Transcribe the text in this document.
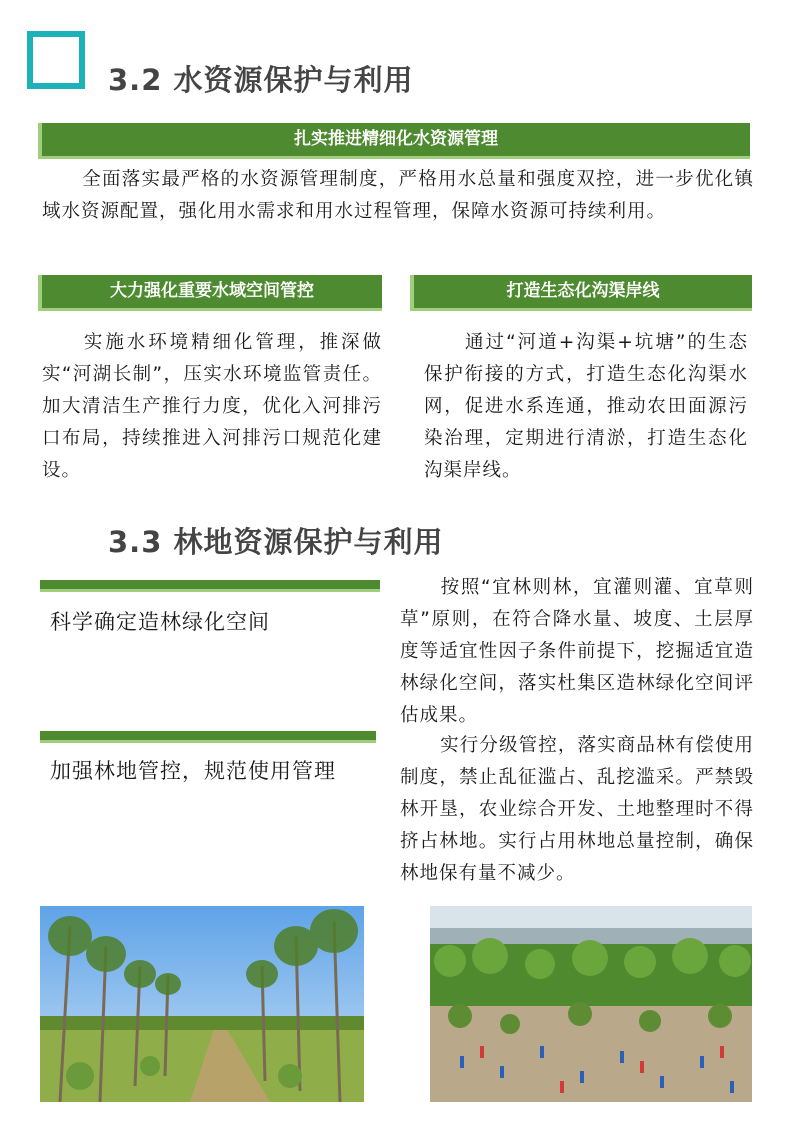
3.2 水资源保护与利用
扎实推进精细化水资源管理
全面落实最严格的水资源管理制度，严格用水总量和强度双控，进一步优化镇域水资源配置，强化用水需求和用水过程管理，保障水资源可持续利用。
大力强化重要水域空间管控	打造生态化沟渠岸线
实施水环境精细化管理，推深做实“河湖长制”，压实水环境监管责任。加大清洁生产推行力度，优化入河排污口布局，持续推进入河排污口规范化建设。
通过“河道+沟渠+坑塘”的生态保护衔接的方式，打造生态化沟渠水网，促进水系连通，推动农田面源污染治理，定期进行清淤，打造生态化沟渠岸线。
3.3 林地资源保护与利用
科学确定造林绿化空间
加强林地管控，规范使用管理
按照“宜林则林，宜灌则灌、宜草则草”原则，在符合降水量、坡度、土层厚度等适宜性因子条件前提下，挖掘适宜造林绿化空间，落实杜集区造林绿化空间评估成果。
实行分级管控，落实商品林有偿使用制度，禁止乱征滥占、乱挖滥采。严禁毁林开垦，农业综合开发、土地整理时不得挤占林地。实行占用林地总量控制，确保林地保有量不减少。
